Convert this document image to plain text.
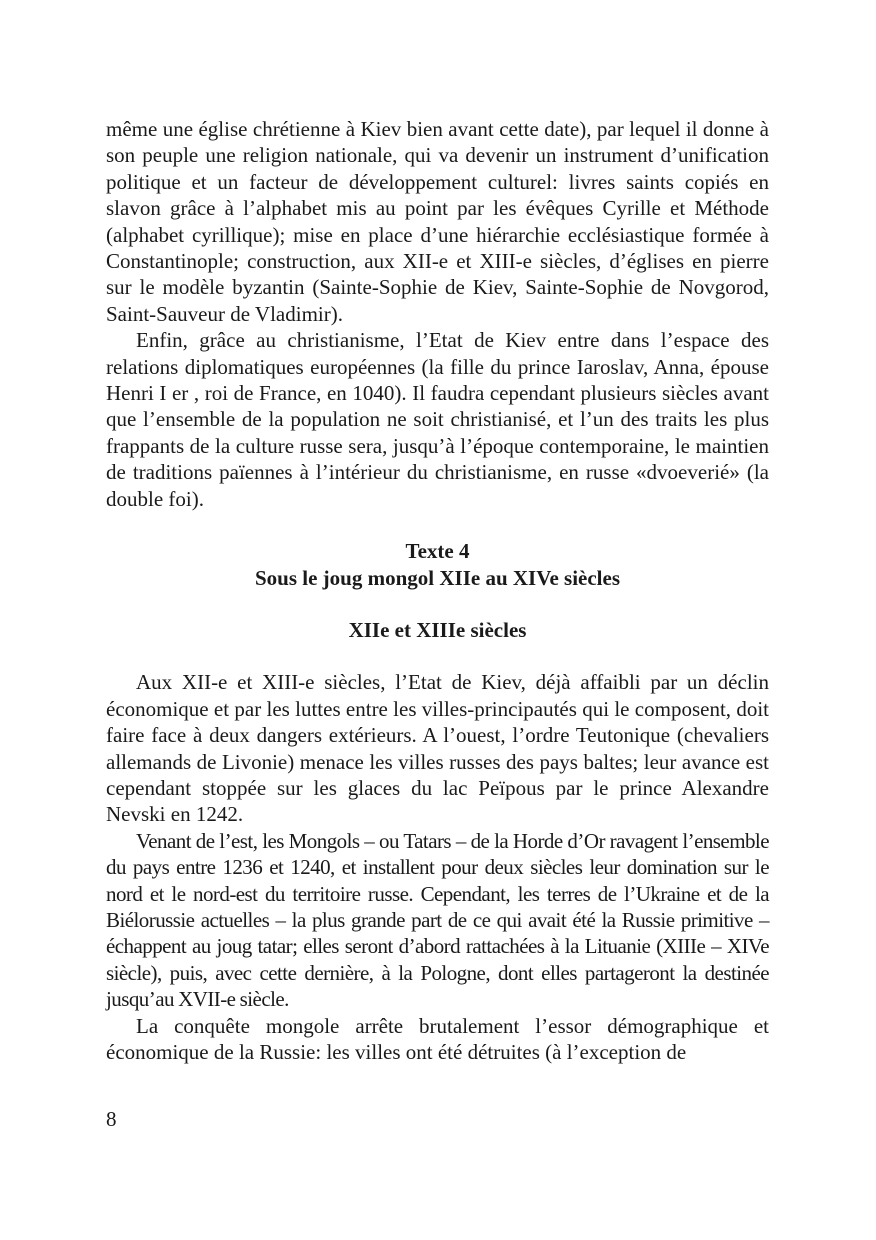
même une église chrétienne à Kiev bien avant cette date), par lequel il donne à son peuple une religion nationale, qui va devenir un instrument d’unification politique et un facteur de développement culturel: livres saints copiés en slavon grâce à l’alphabet mis au point par les évêques Cyrille et Méthode (alphabet cyrillique); mise en place d’une hiérarchie ecclésiastique formée à Constantinople; construction, aux XII-e et XIII-e siècles, d’églises en pierre sur le modèle byzantin (Sainte-Sophie de Kiev, Sainte-Sophie de Novgorod, Saint-Sauveur de Vladimir).

Enfin, grâce au christianisme, l’Etat de Kiev entre dans l’espace des relations diplomatiques européennes (la fille du prince Iaroslav, Anna, épouse Henri I er , roi de France, en 1040). Il faudra cependant plusieurs siècles avant que l’ensemble de la population ne soit christianisé, et l’un des traits les plus frappants de la culture russe sera, jusqu’à l’époque contemporaine, le maintien de traditions païennes à l’intérieur du christianisme, en russe «dvoeverié» (la double foi).

Texte 4
Sous le joug mongol XIIe au XIVe siècles
XIIe et XIIIe siècles

Aux XII-e et XIII-e siècles, l’Etat de Kiev, déjà affaibli par un déclin économique et par les luttes entre les villes-principautés qui le composent, doit faire face à deux dangers extérieurs. A l’ouest, l’ordre Teutonique (chevaliers allemands de Livonie) menace les villes russes des pays baltes; leur avance est cependant stoppée sur les glaces du lac Peïpous par le prince Alexandre Nevski en 1242.

Venant de l’est, les Mongols – ou Tatars – de la Horde d’Or ravagent l’ensemble du pays entre 1236 et 1240, et installent pour deux siècles leur domination sur le nord et le nord-est du territoire russe. Cependant, les terres de l’Ukraine et de la Biélorussie actuelles – la plus grande part de ce qui avait été la Russie primitive – échappent au joug tatar; elles seront d’abord rattachées à la Lituanie (XIIIe – XIVe siècle), puis, avec cette dernière, à la Pologne, dont elles partageront la destinée jusqu’au XVII-e siècle.

La conquête mongole arrête brutalement l’essor démographique et économique de la Russie: les villes ont été détruites (à l’exception de

8
